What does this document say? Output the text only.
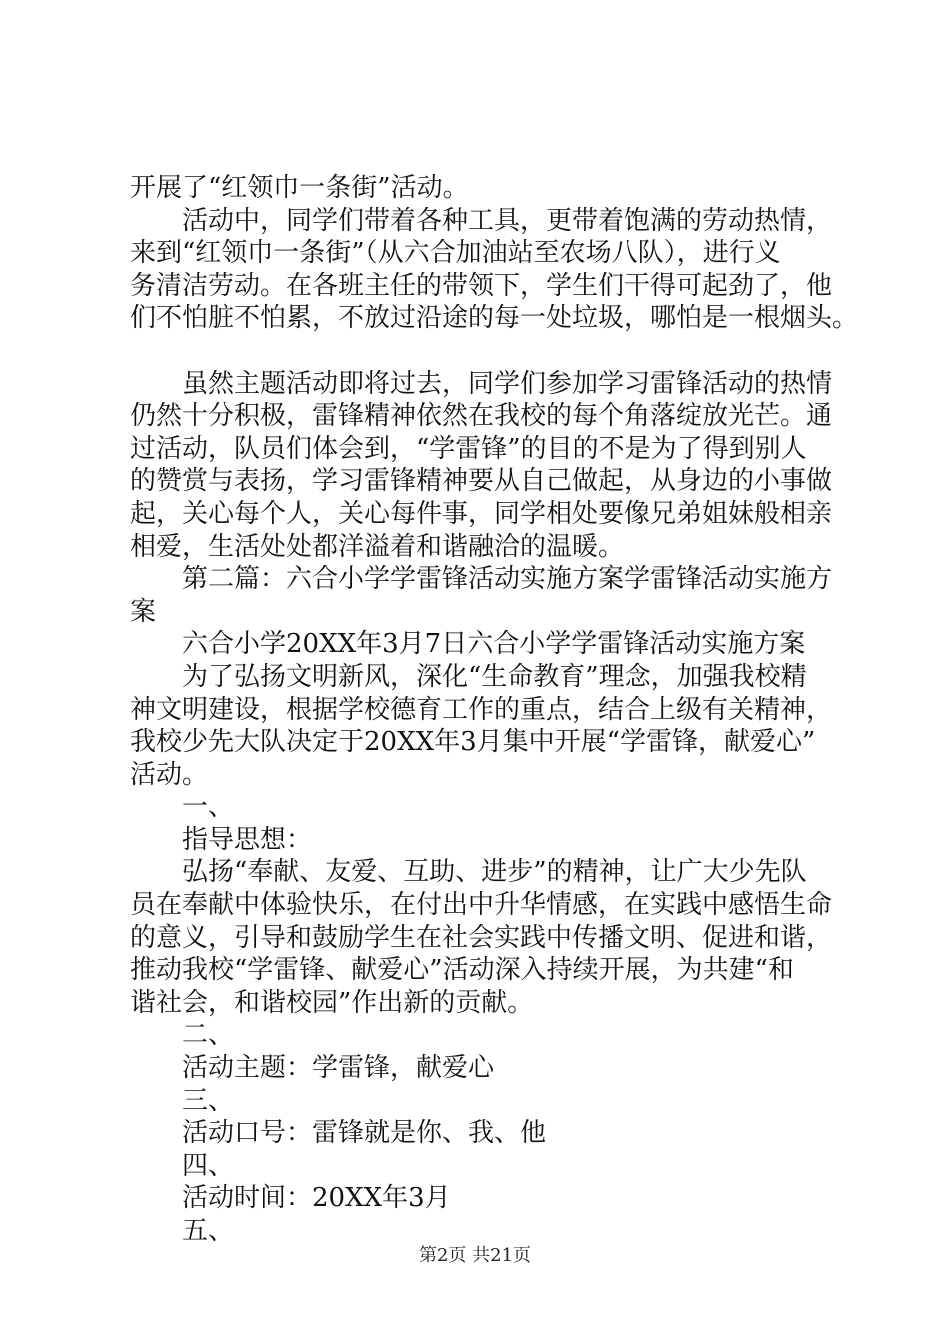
开展了“红领巾一条街”活动。
活动中，同学们带着各种工具，更带着饱满的劳动热情，
来到“红领巾一条街”（从六合加油站至农场八队），进行义
务清洁劳动。在各班主任的带领下，学生们干得可起劲了，他
们不怕脏不怕累，不放过沿途的每一处垃圾，哪怕是一根烟头。
虽然主题活动即将过去，同学们参加学习雷锋活动的热情
仍然十分积极，雷锋精神依然在我校的每个角落绽放光芒。通
过活动，队员们体会到，“学雷锋”的目的不是为了得到别人
的赞赏与表扬，学习雷锋精神要从自己做起，从身边的小事做
起，关心每个人，关心每件事，同学相处要像兄弟姐妹般相亲
相爱，生活处处都洋溢着和谐融洽的温暖。
第二篇：六合小学学雷锋活动实施方案学雷锋活动实施方
案
六合小学20XX年3月7日六合小学学雷锋活动实施方案
为了弘扬文明新风，深化“生命教育”理念，加强我校精
神文明建设，根据学校德育工作的重点，结合上级有关精神，
我校少先大队决定于20XX年3月集中开展“学雷锋，献爱心”
活动。
一、
指导思想：
弘扬“奉献、友爱、互助、进步”的精神，让广大少先队
员在奉献中体验快乐，在付出中升华情感，在实践中感悟生命
的意义，引导和鼓励学生在社会实践中传播文明、促进和谐，
推动我校“学雷锋、献爱心”活动深入持续开展，为共建“和
谐社会，和谐校园”作出新的贡献。
二、
活动主题：学雷锋，献爱心
三、
活动口号：雷锋就是你、我、他
四、
活动时间：20XX年3月
五、
第2页 共21页
